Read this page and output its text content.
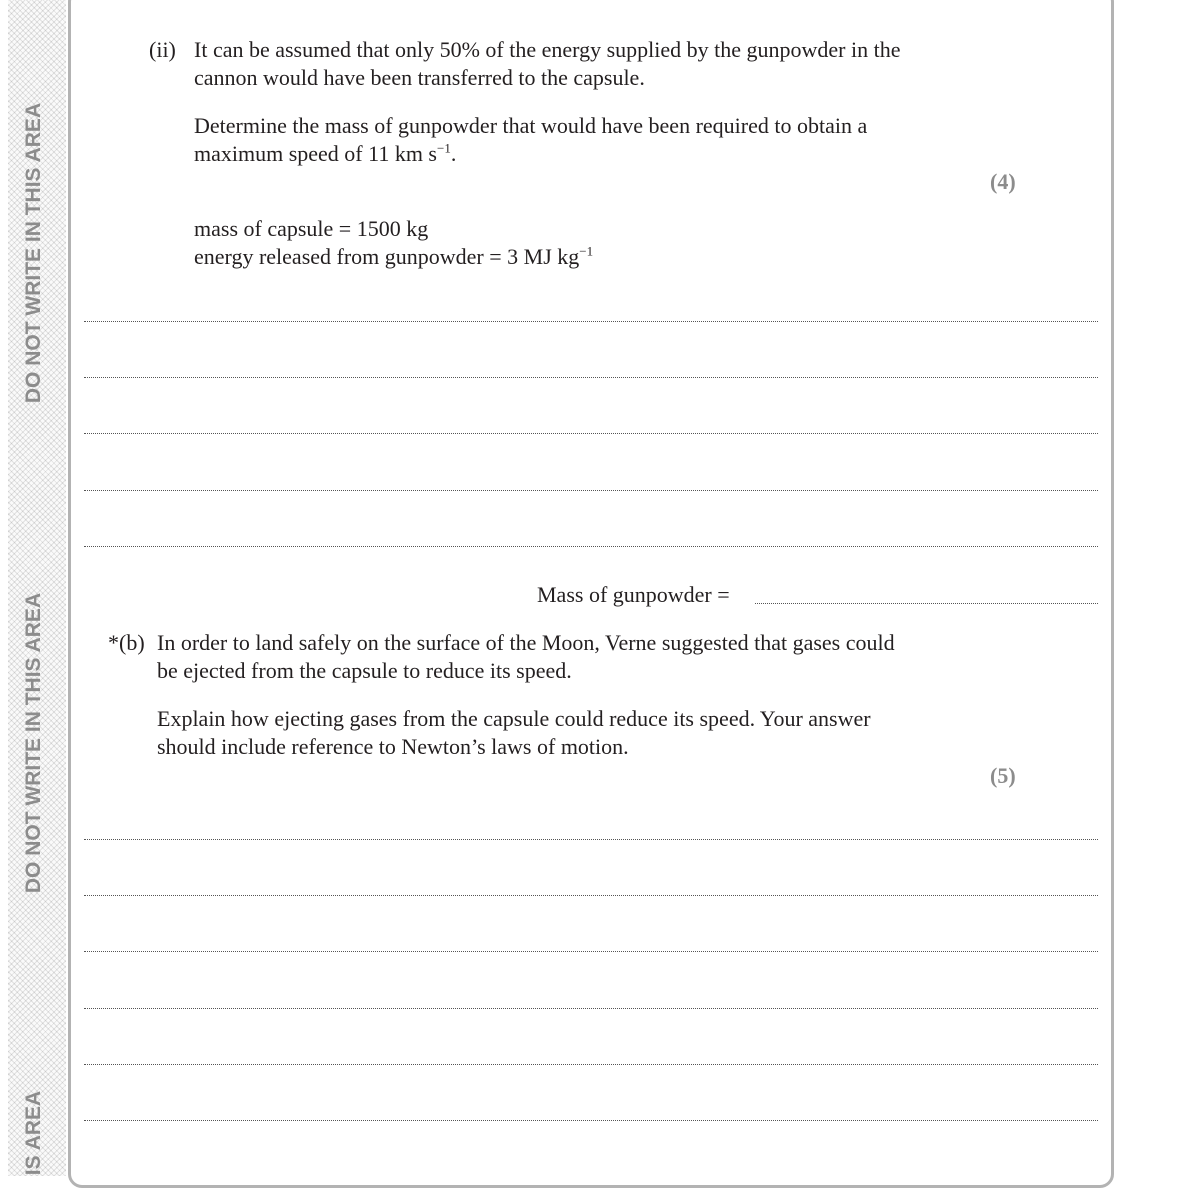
DO NOT WRITE IN THIS AREA
DO NOT WRITE IN THIS AREA
IS AREA
(ii) It can be assumed that only 50% of the energy supplied by the gunpowder in the
cannon would have been transferred to the capsule.
Determine the mass of gunpowder that would have been required to obtain a
maximum speed of 11 km $s^{-1}$.
(4)
mass of capsule = 1500 kg
energy released from gunpowder = 3 MJ $kg^{-1}$
Mass of gunpowder =
*(b) In order to land safely on the surface of the Moon, Verne suggested that gases could
be ejected from the capsule to reduce its speed.
Explain how ejecting gases from the capsule could reduce its speed. Your answer
should include reference to Newton’s laws of motion.
(5)
